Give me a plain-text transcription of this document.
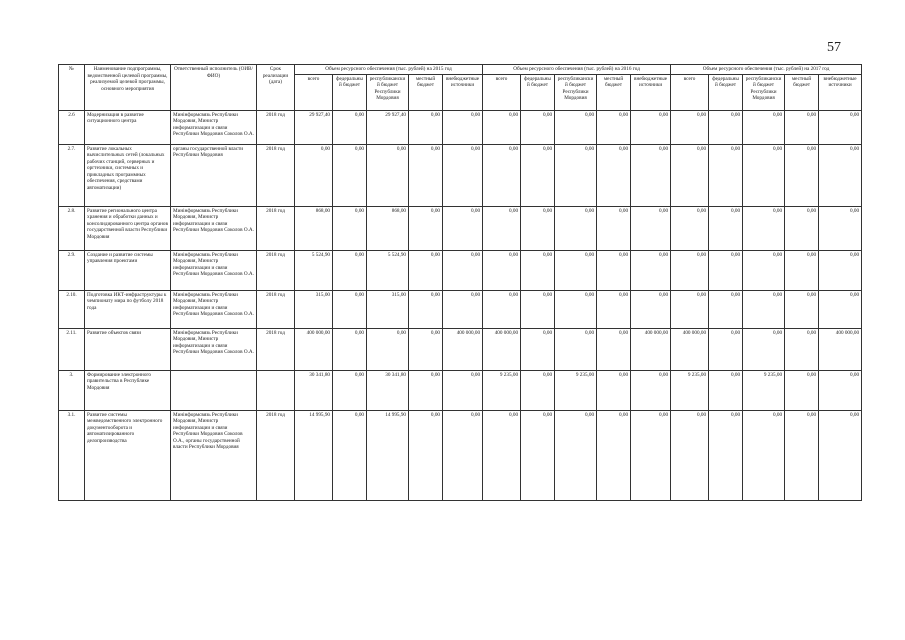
57
№	Наименование подпрограммы, ведомственной целевой программы, реализуемой целевой программы, основного мероприятия	Ответственный исполнитель (ОИВ/ФИО)	Срок реализации (дата)	Объем ресурсного обеспечения (тыс. рублей) на 2015 год					Объем ресурсного обеспечения (тыс. рублей) на 2016 год					Объем ресурсного обеспечения (тыс. рублей) на 2017 год				
				всего	федеральный бюджет	республиканский бюджет Республики Мордовия	местный бюджет	внебюджетные источники	всего	федеральный бюджет	республиканский бюджет Республики Мордовия	местный бюджет	внебюджетные источники	всего	федеральный бюджет	республиканский бюджет Республики Мордовия	местный бюджет	внебюджетные источники
2.6	Модернизация в развитие ситуационного центра	Минінформсвязь Республики Мордовия, Министр информатизации и связи Республики Мордовия Соколов О.А.	2018 год	29 927,40	0,00	29 927,40	0,00	0,00	0,00	0,00	0,00	0,00	0,00	0,00	0,00	0,00	0,00	0,00
2.7.	Развитие локальных вычислительных сетей (локальных рабочих станций, серверных и оргтехники, системных и прикладных программных обеспечения, средствами автоматизации)	органы государственной власти Республики Мордовия	2018 год	0,00	0,00	0,00	0,00	0,00	0,00	0,00	0,00	0,00	0,00	0,00	0,00	0,00	0,00	0,00
2.8.	Развитие регионального центра хранения и обработки данных и консолидированного центра органов государственной власти Республики Мордовия	Минінформсвязь Республики Мордовия, Министр информатизации и связи Республики Мордовия Соколов О.А.	2018 год	868,00	0,00	868,00	0,00	0,00	0,00	0,00	0,00	0,00	0,00	0,00	0,00	0,00	0,00	0,00
2.9.	Создание и развитие системы управления проектами	Минінформсвязь Республики Мордовия, Министр информатизации и связи Республики Мордовия Соколов О.А.	2018 год	5 524,90	0,00	5 524,90	0,00	0,00	0,00	0,00	0,00	0,00	0,00	0,00	0,00	0,00	0,00	0,00
2.10.	Подготовка ИКТ-инфраструктуры к чемпионату мира по футболу 2018 года	Минінформсвязь Республики Мордовия, Министр информатизации и связи Республики Мордовия Соколов О.А.	2018 год	315,00	0,00	315,00	0,00	0,00	0,00	0,00	0,00	0,00	0,00	0,00	0,00	0,00	0,00	0,00
2.11.	Развитие объектов связи	Минінформсвязь Республики Мордовия, Министр информатизации и связи Республики Мордовия Соколов О.А.	2018 год	400 000,00	0,00	0,00	0,00	400 000,00	400 000,00	0,00	0,00	0,00	400 000,00	400 000,00	0,00	0,00	0,00	400 000,00
3.	Формирование электронного правительства в Республике Мордовия			30 341,80	0,00	30 341,80	0,00	0,00	9 235,00	0,00	9 235,00	0,00	0,00	9 235,00	0,00	9 235,00	0,00	0,00
3.1.	Развитие системы межведомственного электронного документооборота и автоматизированного делопроизводства	Минінформсвязь Республики Мордовия, Министр информатизации и связи Республики Мордовия Соколов О.А., органы государственной власти Республики Мордовия	2018 год	14 995,90	0,00	14 995,90	0,00	0,00	0,00	0,00	0,00	0,00	0,00	0,00	0,00	0,00	0,00	0,00
